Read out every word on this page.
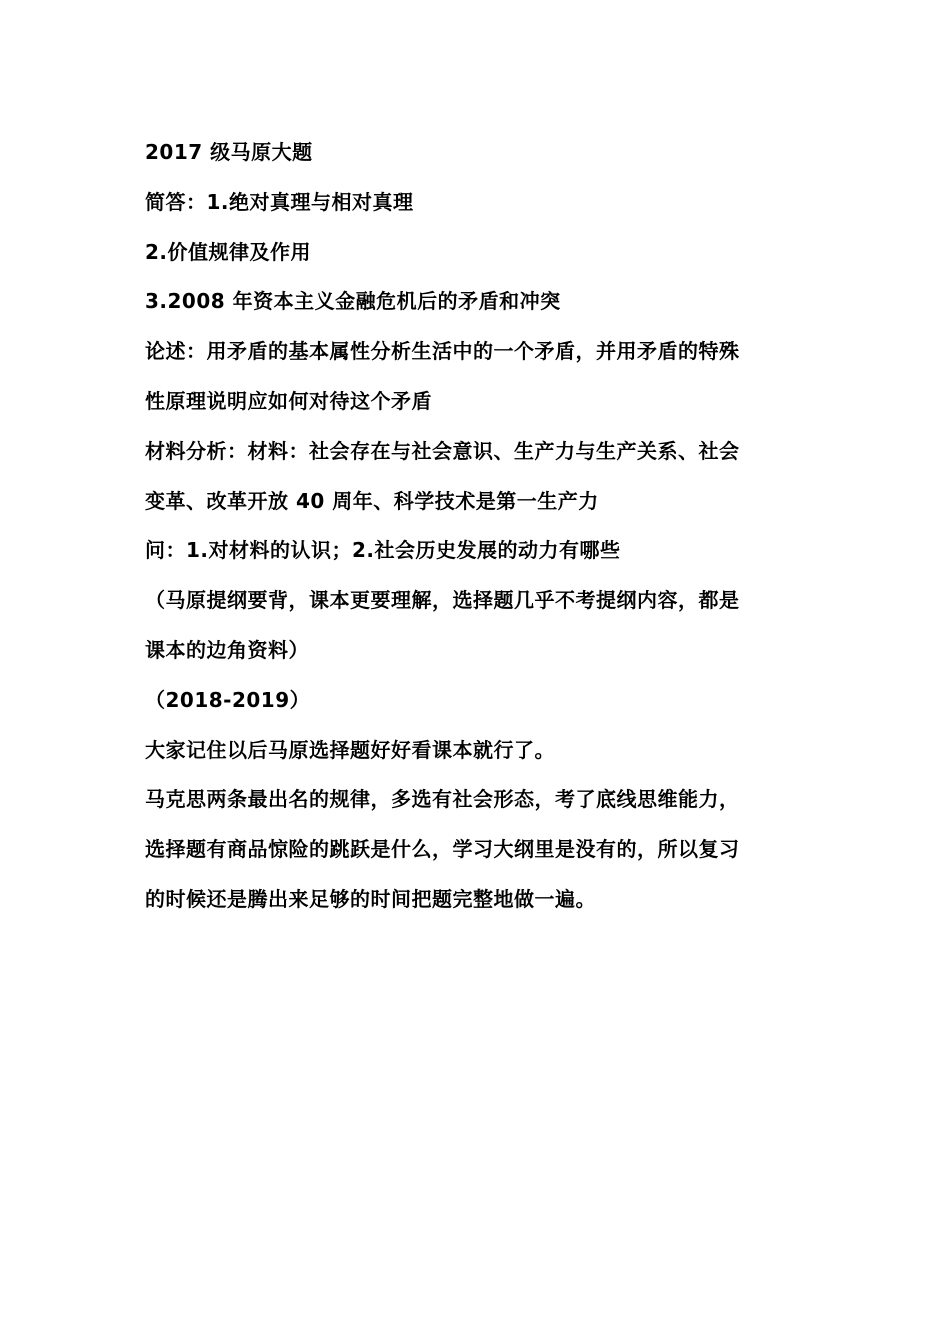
2017 级马原大题
简答：1.绝对真理与相对真理
2.价值规律及作用
3.2008 年资本主义金融危机后的矛盾和冲突
论述：用矛盾的基本属性分析生活中的一个矛盾，并用矛盾的特殊
性原理说明应如何对待这个矛盾
材料分析：材料：社会存在与社会意识、生产力与生产关系、社会
变革、改革开放 40 周年、科学技术是第一生产力
问：1.对材料的认识；2.社会历史发展的动力有哪些
（马原提纲要背，课本更要理解，选择题几乎不考提纲内容，都是
课本的边角资料）
（2018-2019）
大家记住以后马原选择题好好看课本就行了。
马克思两条最出名的规律，多选有社会形态，考了底线思维能力，
选择题有商品惊险的跳跃是什么，学习大纲里是没有的，所以复习
的时候还是腾出来足够的时间把题完整地做一遍。
